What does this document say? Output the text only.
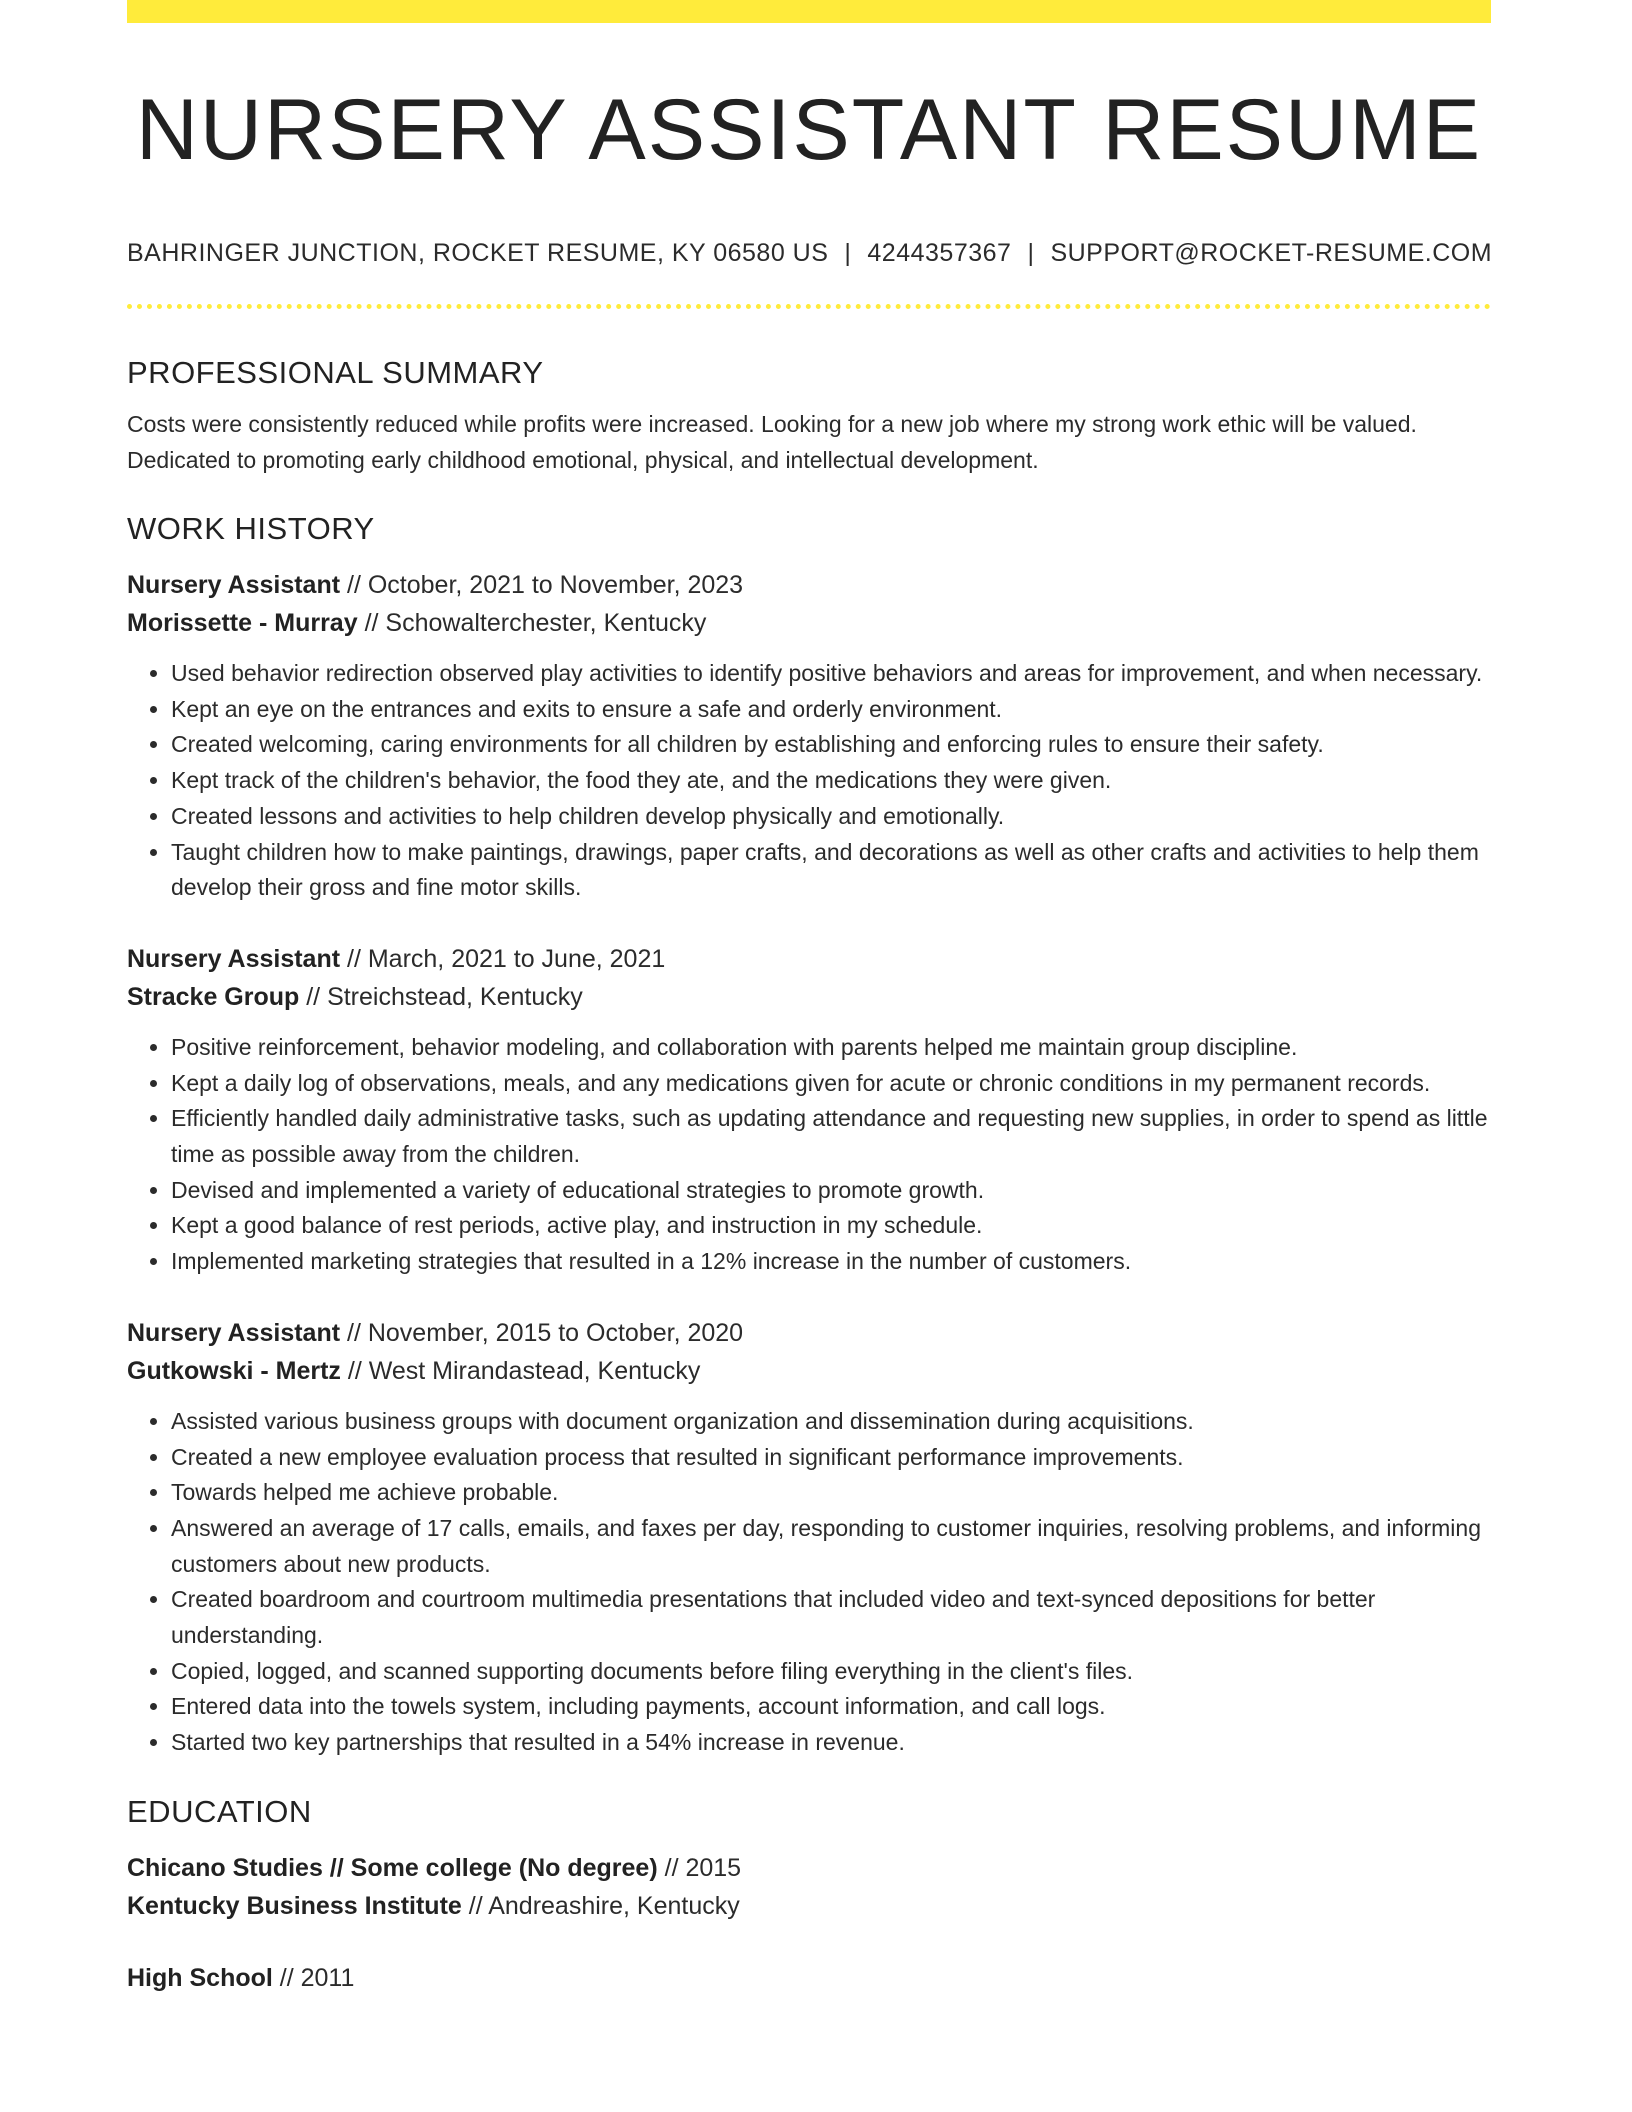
NURSERY ASSISTANT RESUME
BAHRINGER JUNCTION, ROCKET RESUME, KY 06580 US | 4244357367 | SUPPORT@ROCKET-RESUME.COM
PROFESSIONAL SUMMARY

Costs were consistently reduced while profits were increased. Looking for a new job where my strong work ethic will be valued. Dedicated to promoting early childhood emotional, physical, and intellectual development.

WORK HISTORY

Nursery Assistant // October, 2021 to November, 2023

Morissette - Murray // Schowalterchester, Kentucky

• Used behavior redirection observed play activities to identify positive behaviors and areas for improvement, and when necessary.
• Kept an eye on the entrances and exits to ensure a safe and orderly environment.
• Created welcoming, caring environments for all children by establishing and enforcing rules to ensure their safety.
• Kept track of the children's behavior, the food they ate, and the medications they were given.
• Created lessons and activities to help children develop physically and emotionally.
• Taught children how to make paintings, drawings, paper crafts, and decorations as well as other crafts and activities to help them develop their gross and fine motor skills.

Nursery Assistant // March, 2021 to June, 2021

Stracke Group // Streichstead, Kentucky

• Positive reinforcement, behavior modeling, and collaboration with parents helped me maintain group discipline.
• Kept a daily log of observations, meals, and any medications given for acute or chronic conditions in my permanent records.
• Efficiently handled daily administrative tasks, such as updating attendance and requesting new supplies, in order to spend as little time as possible away from the children.
• Devised and implemented a variety of educational strategies to promote growth.
• Kept a good balance of rest periods, active play, and instruction in my schedule.
• Implemented marketing strategies that resulted in a 12% increase in the number of customers.

Nursery Assistant // November, 2015 to October, 2020

Gutkowski - Mertz // West Mirandastead, Kentucky

• Assisted various business groups with document organization and dissemination during acquisitions.
• Created a new employee evaluation process that resulted in significant performance improvements.
• Towards helped me achieve probable.
• Answered an average of 17 calls, emails, and faxes per day, responding to customer inquiries, resolving problems, and informing customers about new products.
• Created boardroom and courtroom multimedia presentations that included video and text-synced depositions for better understanding.
• Copied, logged, and scanned supporting documents before filing everything in the client's files.
• Entered data into the towels system, including payments, account information, and call logs.
• Started two key partnerships that resulted in a 54% increase in revenue.
EDUCATION

Chicano Studies // Some college (No degree) // 2015

Kentucky Business Institute // Andreashire, Kentucky

High School // 2011
